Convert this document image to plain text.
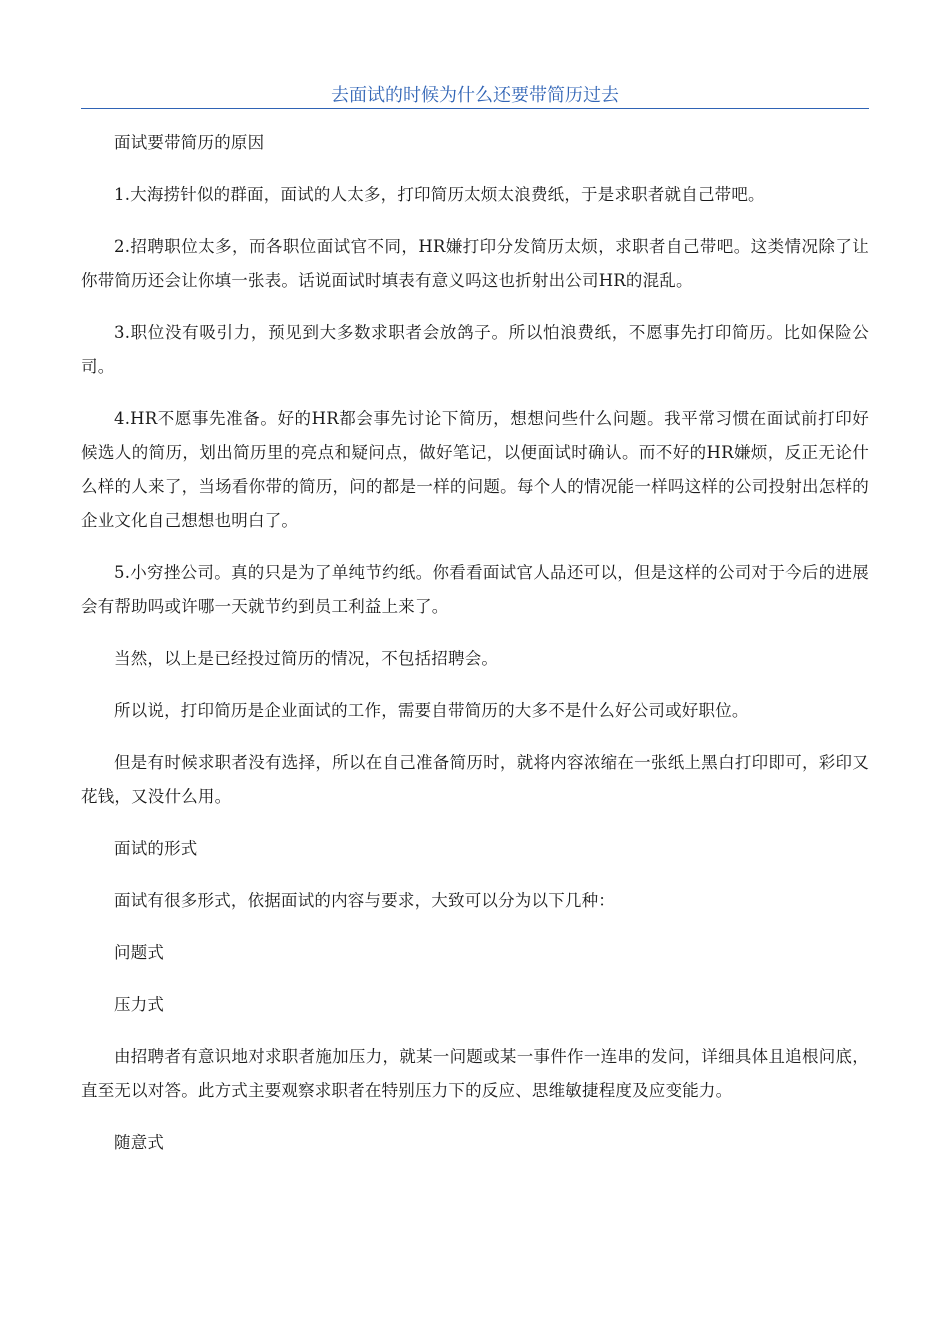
去面试的时候为什么还要带简历过去

面试要带简历的原因

1.大海捞针似的群面，面试的人太多，打印简历太烦太浪费纸，于是求职者就自己带吧。

2.招聘职位太多，而各职位面试官不同，HR嫌打印分发简历太烦，求职者自己带吧。这类情况除了让你带简历还会让你填一张表。话说面试时填表有意义吗这也折射出公司HR的混乱。

3.职位没有吸引力，预见到大多数求职者会放鸽子。所以怕浪费纸，不愿事先打印简历。比如保险公司。

4.HR不愿事先准备。好的HR都会事先讨论下简历，想想问些什么问题。我平常习惯在面试前打印好候选人的简历，划出简历里的亮点和疑问点，做好笔记，以便面试时确认。而不好的HR嫌烦，反正无论什么样的人来了，当场看你带的简历，问的都是一样的问题。每个人的情况能一样吗这样的公司投射出怎样的企业文化自己想想也明白了。

5.小穷挫公司。真的只是为了单纯节约纸。你看看面试官人品还可以，但是这样的公司对于今后的进展会有帮助吗或许哪一天就节约到员工利益上来了。

当然，以上是已经投过简历的情况，不包括招聘会。

所以说，打印简历是企业面试的工作，需要自带简历的大多不是什么好公司或好职位。

但是有时候求职者没有选择，所以在自己准备简历时，就将内容浓缩在一张纸上黑白打印即可，彩印又花钱，又没什么用。

面试的形式

面试有很多形式，依据面试的内容与要求，大致可以分为以下几种：

问题式

压力式

由招聘者有意识地对求职者施加压力，就某一问题或某一事件作一连串的发问，详细具体且追根问底，直至无以对答。此方式主要观察求职者在特别压力下的反应、思维敏捷程度及应变能力。

随意式
